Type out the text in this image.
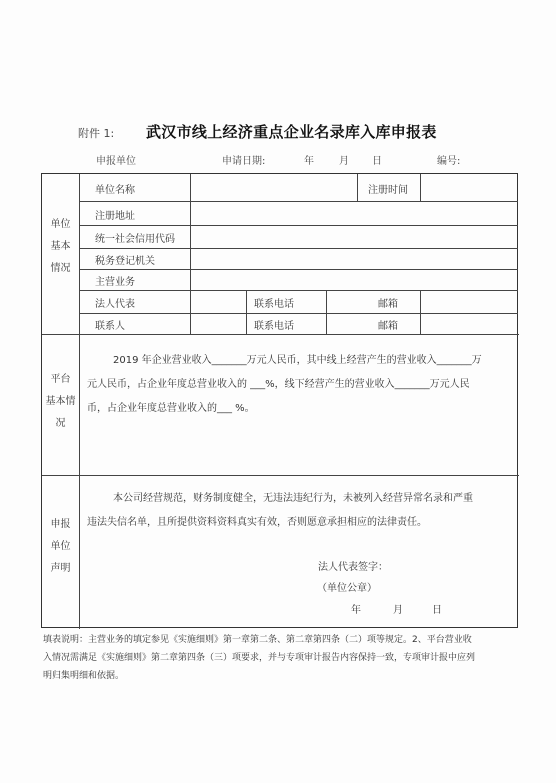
附件 1: 武汉市线上经济重点企业名录库入库申报表
申报单位	申请日期:	年	月 日	编号:
单位
基本
情况
单位名称	注册时间
注册地址
统一社会信用代码
税务登记机关
主营业务
法人代表	联系电话	邮箱
联系人	联系电话	邮箱
平台
基本情
况
2019 年企业营业收入_______万元人民币，其中线上经营产生的营业收入_______万
元人民币，占企业年度总营业收入的 ___%，线下经营产生的营业收入_______万元人民
币，占企业年度总营业收入的___ %。
申报
单位
声明
本公司经营规范，财务制度健全，无违法违纪行为，未被列入经营异常名录和严重
违法失信名单，且所提供资料资料真实有效，否则愿意承担相应的法律责任。
法人代表签字：
（单位公章）
年	月	日
填表说明：主营业务的填定参见《实施细则》第一章第二条、第二章第四条（二）项等规定。2、平台营业收
入情况需满足《实施细则》第二章第四条（三）项要求，并与专项审计报告内容保持一致，专项审计报中应列
明归集明细和依据。
